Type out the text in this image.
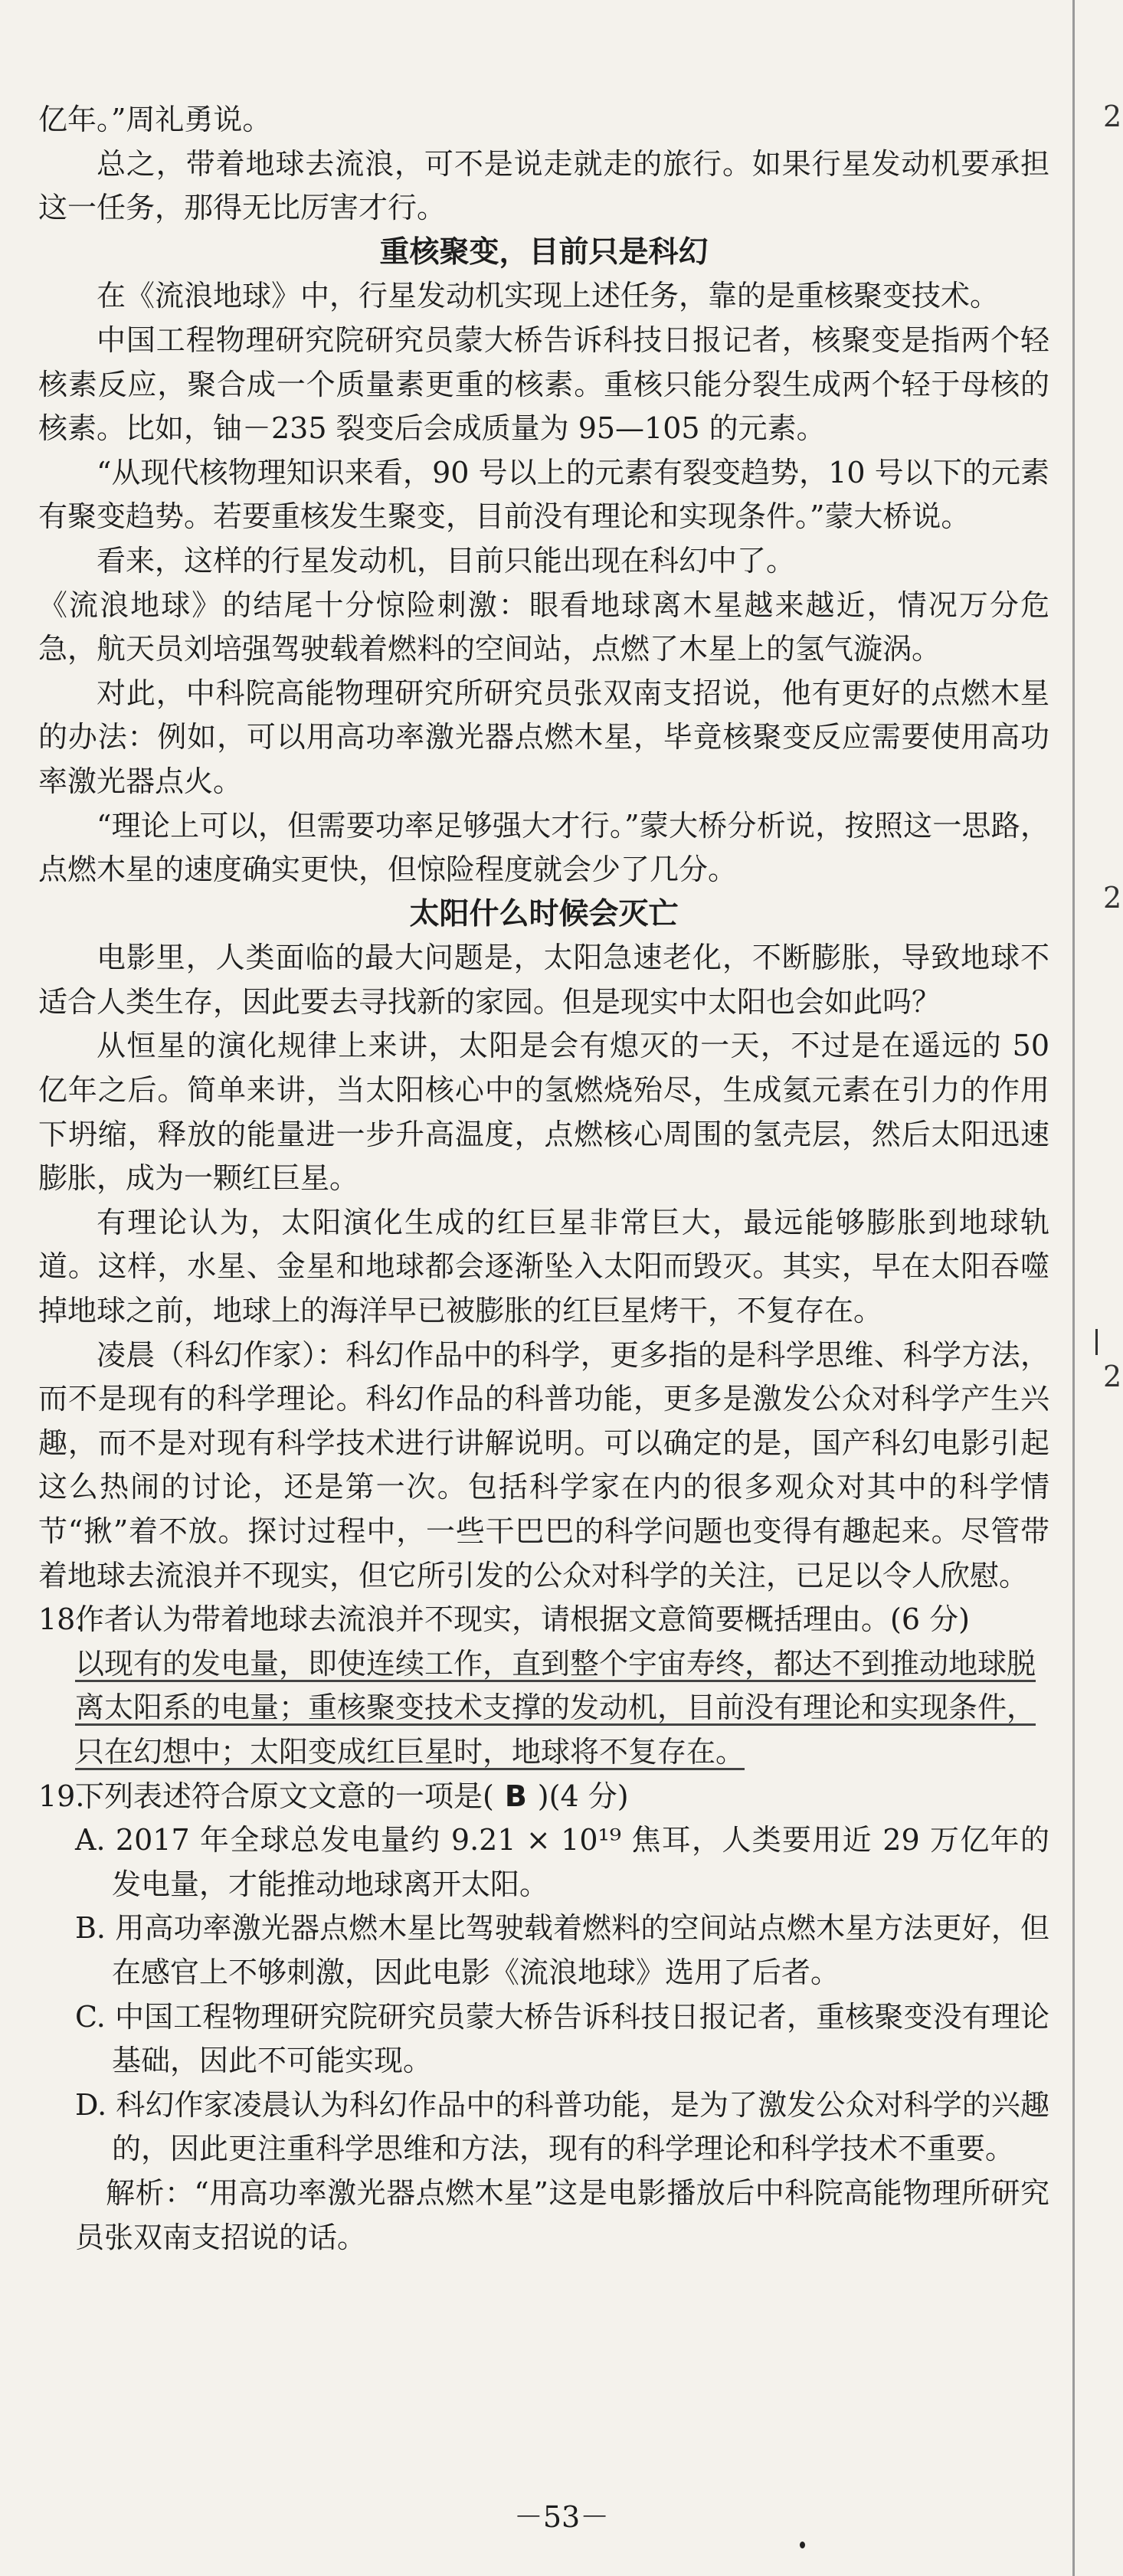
2
2
2

亿年。”周礼勇说。

总之，带着地球去流浪，可不是说走就走的旅行。如果行星发动机要承担这一任务，那得无比厉害才行。

重核聚变，目前只是科幻

在《流浪地球》中，行星发动机实现上述任务，靠的是重核聚变技术。

中国工程物理研究院研究员蒙大桥告诉科技日报记者，核聚变是指两个轻核素反应，聚合成一个质量素更重的核素。重核只能分裂生成两个轻于母核的核素。比如，铀－235 裂变后会成质量为 95—105 的元素。

“从现代核物理知识来看，90 号以上的元素有裂变趋势，10 号以下的元素有聚变趋势。若要重核发生聚变，目前没有理论和实现条件。”蒙大桥说。

看来，这样的行星发动机，目前只能出现在科幻中了。

《流浪地球》的结尾十分惊险刺激：眼看地球离木星越来越近，情况万分危急，航天员刘培强驾驶载着燃料的空间站，点燃了木星上的氢气漩涡。

对此，中科院高能物理研究所研究员张双南支招说，他有更好的点燃木星的办法：例如，可以用高功率激光器点燃木星，毕竟核聚变反应需要使用高功率激光器点火。

“理论上可以，但需要功率足够强大才行。”蒙大桥分析说，按照这一思路，点燃木星的速度确实更快，但惊险程度就会少了几分。

太阳什么时候会灭亡

电影里，人类面临的最大问题是，太阳急速老化，不断膨胀，导致地球不适合人类生存，因此要去寻找新的家园。但是现实中太阳也会如此吗？

从恒星的演化规律上来讲，太阳是会有熄灭的一天，不过是在遥远的 50 亿年之后。简单来讲，当太阳核心中的氢燃烧殆尽，生成氦元素在引力的作用下坍缩，释放的能量进一步升高温度，点燃核心周围的氢壳层，然后太阳迅速膨胀，成为一颗红巨星。

有理论认为，太阳演化生成的红巨星非常巨大，最远能够膨胀到地球轨道。这样，水星、金星和地球都会逐渐坠入太阳而毁灭。其实，早在太阳吞噬掉地球之前，地球上的海洋早已被膨胀的红巨星烤干，不复存在。

凌晨（科幻作家）：科幻作品中的科学，更多指的是科学思维、科学方法，而不是现有的科学理论。科幻作品的科普功能，更多是激发公众对科学产生兴趣，而不是对现有科学技术进行讲解说明。可以确定的是，国产科幻电影引起这么热闹的讨论，还是第一次。包括科学家在内的很多观众对其中的科学情节“揪”着不放。探讨过程中，一些干巴巴的科学问题也变得有趣起来。尽管带着地球去流浪并不现实，但它所引发的公众对科学的关注，已足以令人欣慰。

18.作者认为带着地球去流浪并不现实，请根据文意简要概括理由。(6 分)

以现有的发电量，即使连续工作，直到整个宇宙寿终，都达不到推动地球脱离太阳系的电量；重核聚变技术支撑的发动机，目前没有理论和实现条件，只在幻想中；太阳变成红巨星时，地球将不复存在。

19.下列表述符合原文文意的一项是( B )(4 分)

A. 2017 年全球总发电量约 9.21 × 10¹⁹ 焦耳，人类要用近 29 万亿年的发电量，才能推动地球离开太阳。

B. 用高功率激光器点燃木星比驾驶载着燃料的空间站点燃木星方法更好，但在感官上不够刺激，因此电影《流浪地球》选用了后者。

C. 中国工程物理研究院研究员蒙大桥告诉科技日报记者，重核聚变没有理论基础，因此不可能实现。

D. 科幻作家凌晨认为科幻作品中的科普功能，是为了激发公众对科学的兴趣的，因此更注重科学思维和方法，现有的科学理论和科学技术不重要。

解析：“用高功率激光器点燃木星”这是电影播放后中科院高能物理所研究员张双南支招说的话。

－53－
